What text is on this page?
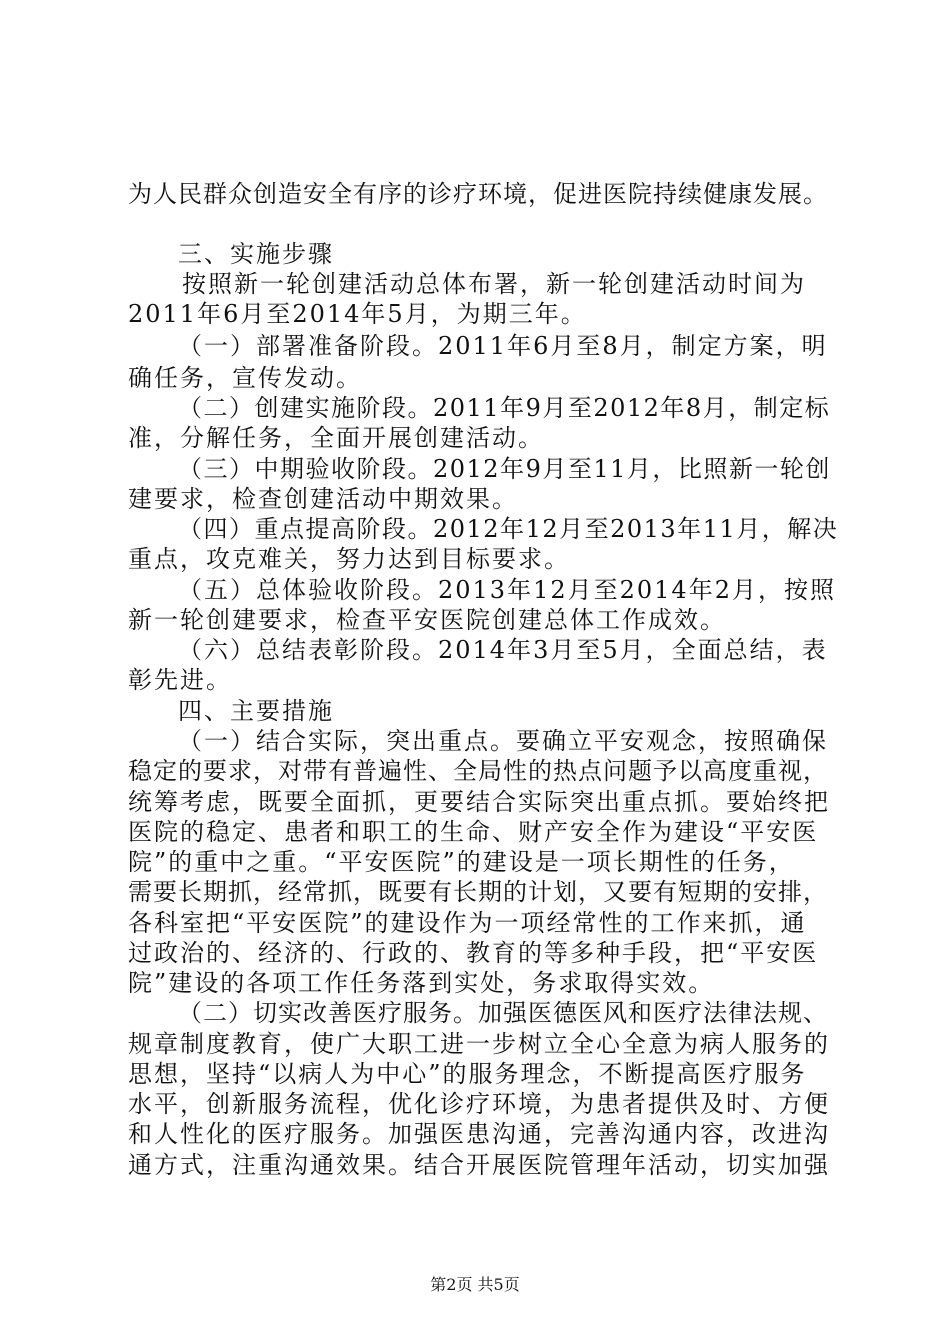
为人民群众创造安全有序的诊疗环境，促进医院持续健康发展。
三、实施步骤
按照新一轮创建活动总体布署，新一轮创建活动时间为
2011年6月至2014年5月，为期三年。
（一）部署准备阶段。2011年6月至8月，制定方案，明
确任务，宣传发动。
（二）创建实施阶段。2011年9月至2012年8月，制定标
准，分解任务，全面开展创建活动。
（三）中期验收阶段。2012年9月至11月，比照新一轮创
建要求，检查创建活动中期效果。
（四）重点提高阶段。2012年12月至2013年11月，解决
重点，攻克难关，努力达到目标要求。
（五）总体验收阶段。2013年12月至2014年2月，按照
新一轮创建要求，检查平安医院创建总体工作成效。
（六）总结表彰阶段。2014年3月至5月，全面总结，表
彰先进。
四、主要措施
（一）结合实际，突出重点。要确立平安观念，按照确保
稳定的要求，对带有普遍性、全局性的热点问题予以高度重视，
统筹考虑，既要全面抓，更要结合实际突出重点抓。要始终把
医院的稳定、患者和职工的生命、财产安全作为建设“平安医
院”的重中之重。“平安医院”的建设是一项长期性的任务，
需要长期抓，经常抓，既要有长期的计划，又要有短期的安排，
各科室把“平安医院”的建设作为一项经常性的工作来抓，通
过政治的、经济的、行政的、教育的等多种手段，把“平安医
院”建设的各项工作任务落到实处，务求取得实效。
（二）切实改善医疗服务。加强医德医风和医疗法律法规、
规章制度教育，使广大职工进一步树立全心全意为病人服务的
思想，坚持“以病人为中心”的服务理念，不断提高医疗服务
水平，创新服务流程，优化诊疗环境，为患者提供及时、方便
和人性化的医疗服务。加强医患沟通，完善沟通内容，改进沟
通方式，注重沟通效果。结合开展医院管理年活动，切实加强
第2页 共5页
